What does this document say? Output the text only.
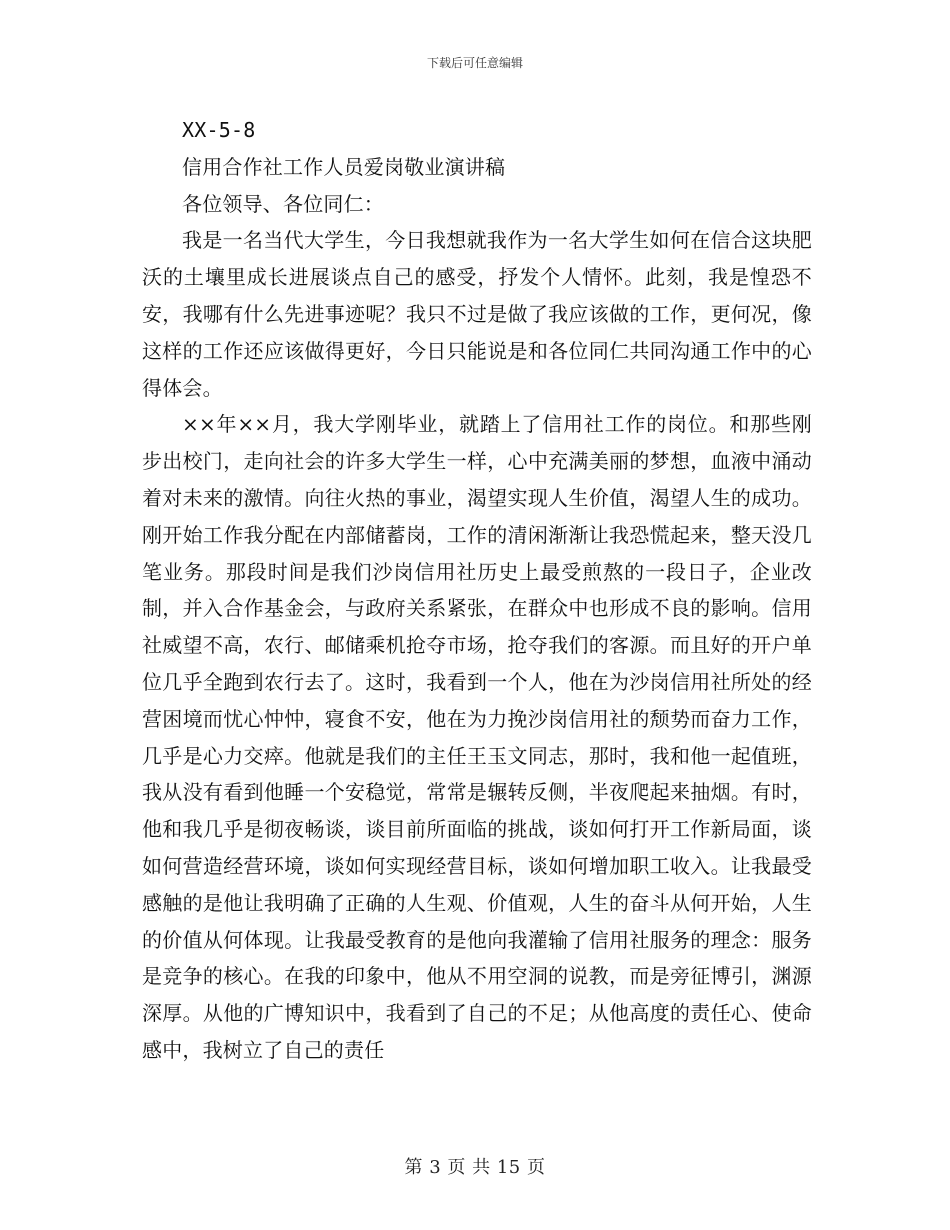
下载后可任意编辑

XX-5-8

信用合作社工作人员爱岗敬业演讲稿

各位领导、各位同仁：

我是一名当代大学生，今日我想就我作为一名大学生如何在信合这块肥沃的土壤里成长进展谈点自己的感受，抒发个人情怀。此刻，我是惶恐不安，我哪有什么先进事迹呢？我只不过是做了我应该做的工作，更何况，像这样的工作还应该做得更好，今日只能说是和各位同仁共同沟通工作中的心得体会。

××年××月，我大学刚毕业，就踏上了信用社工作的岗位。和那些刚步出校门，走向社会的许多大学生一样，心中充满美丽的梦想，血液中涌动着对未来的激情。向往火热的事业，渴望实现人生价值，渴望人生的成功。刚开始工作我分配在内部储蓄岗，工作的清闲渐渐让我恐慌起来，整天没几笔业务。那段时间是我们沙岗信用社历史上最受煎熬的一段日子，企业改制，并入合作基金会，与政府关系紧张，在群众中也形成不良的影响。信用社威望不高，农行、邮储乘机抢夺市场，抢夺我们的客源。而且好的开户单位几乎全跑到农行去了。这时，我看到一个人，他在为沙岗信用社所处的经营困境而忧心忡忡，寝食不安，他在为力挽沙岗信用社的颓势而奋力工作，几乎是心力交瘁。他就是我们的主任王玉文同志，那时，我和他一起值班，我从没有看到他睡一个安稳觉，常常是辗转反侧，半夜爬起来抽烟。有时，他和我几乎是彻夜畅谈，谈目前所面临的挑战，谈如何打开工作新局面，谈如何营造经营环境，谈如何实现经营目标，谈如何增加职工收入。让我最受感触的是他让我明确了正确的人生观、价值观，人生的奋斗从何开始，人生的价值从何体现。让我最受教育的是他向我灌输了信用社服务的理念：服务是竞争的核心。在我的印象中，他从不用空洞的说教，而是旁征博引，渊源深厚。从他的广博知识中，我看到了自己的不足；从他高度的责任心、使命感中，我树立了自己的责任

第 3 页 共 15 页
